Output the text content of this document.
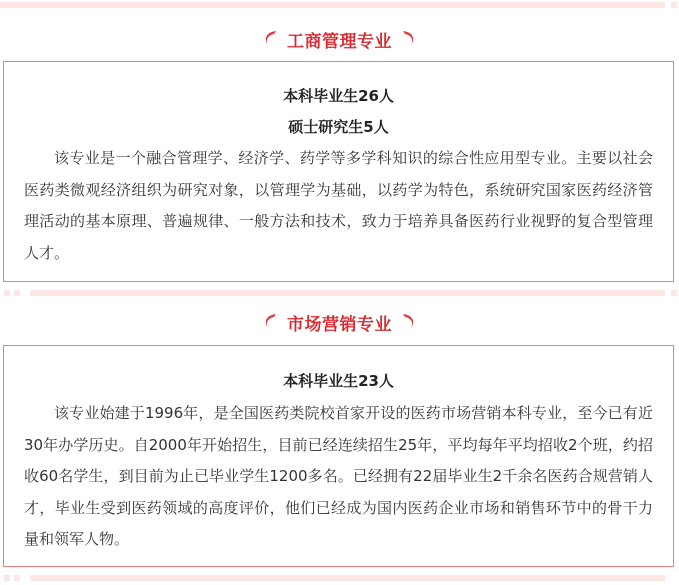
工商管理专业
本科毕业生26人
硕士研究生5人

该专业是一个融合管理学、经济学、药学等多学科知识的综合性应用型专业。主要以社会医药类微观经济组织为研究对象，以管理学为基础，以药学为特色，系统研究国家医药经济管理活动的基本原理、普遍规律、一般方法和技术，致力于培养具备医药行业视野的复合型管理人才。

市场营销专业
本科毕业生23人

该专业始建于1996年，是全国医药类院校首家开设的医药市场营销本科专业，至今已有近30年办学历史。自2000年开始招生，目前已经连续招生25年，平均每年平均招收2个班，约招收60名学生，到目前为止已毕业学生1200多名。已经拥有22届毕业生2千余名医药合规营销人才，毕业生受到医药领域的高度评价，他们已经成为国内医药企业市场和销售环节中的骨干力量和领军人物。
